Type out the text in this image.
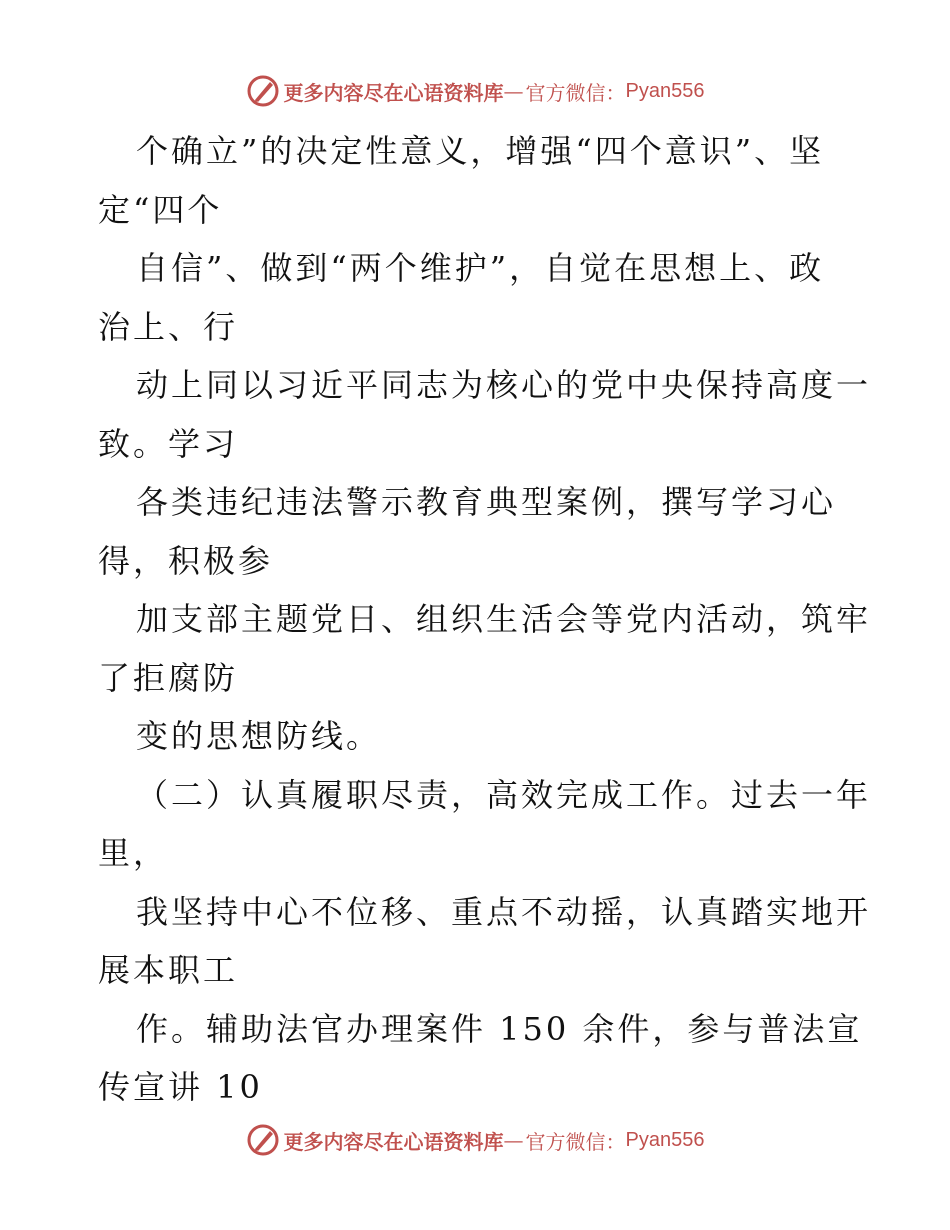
更多内容尽在心语资料库 — 官方微信： Pyan556
个确立”的决定性意义，增强“四个意识”、坚
定“四个
自信”、做到“两个维护”，自觉在思想上、政
治上、行
动上同以习近平同志为核心的党中央保持高度一
致。学习
各类违纪违法警示教育典型案例，撰写学习心
得，积极参
加支部主题党日、组织生活会等党内活动，筑牢
了拒腐防
变的思想防线。
（二）认真履职尽责，高效完成工作。过去一年
里，
我坚持中心不位移、重点不动摇，认真踏实地开
展本职工
作。辅助法官办理案件 150 余件，参与普法宣
传宣讲 10
更多内容尽在心语资料库 — 官方微信： Pyan556
